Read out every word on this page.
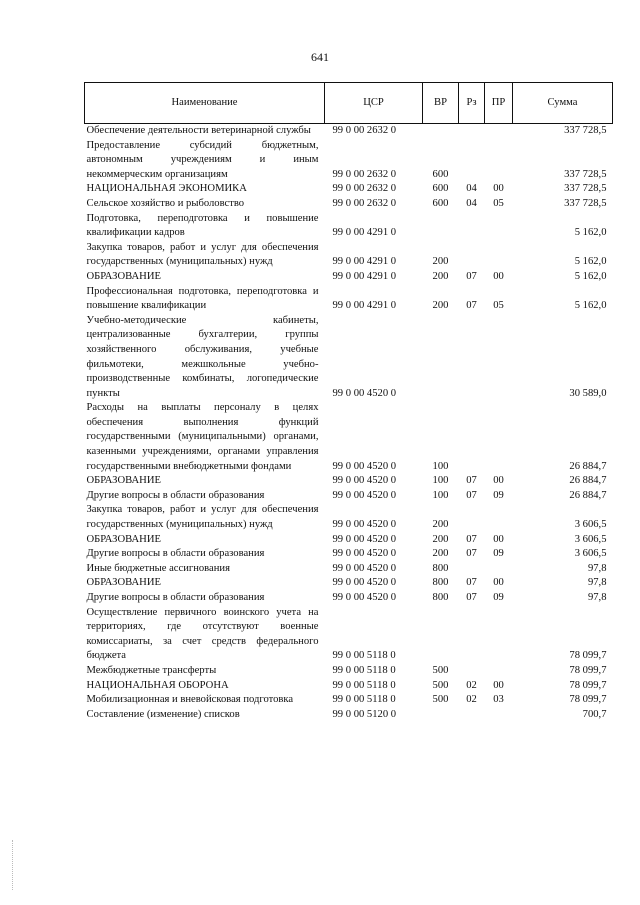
641
Наименование	ЦСР	ВР	Рз	ПР	Сумма
Обеспечение деятельности ветеринарной службы	99 0 00 2632 0				337 728,5
Предоставление субсидий бюджетным, автономным учреждениям и иным некоммерческим организациям	99 0 00 2632 0	600			337 728,5
НАЦИОНАЛЬНАЯ ЭКОНОМИКА	99 0 00 2632 0	600	04	00	337 728,5
Сельское хозяйство и рыболовство	99 0 00 2632 0	600	04	05	337 728,5
Подготовка, переподготовка и повышение квалификации кадров	99 0 00 4291 0				5 162,0
Закупка товаров, работ и услуг для обеспечения государственных (муниципальных) нужд	99 0 00 4291 0	200			5 162,0
ОБРАЗОВАНИЕ	99 0 00 4291 0	200	07	00	5 162,0
Профессиональная подготовка, переподготовка и повышение квалификации	99 0 00 4291 0	200	07	05	5 162,0
Учебно-методические кабинеты, централизованные бухгалтерии, группы хозяйственного обслуживания, учебные фильмотеки, межшкольные учебно-производственные комбинаты, логопедические пункты	99 0 00 4520 0				30 589,0
Расходы на выплаты персоналу в целях обеспечения выполнения функций государственными (муниципальными) органами, казенными учреждениями, органами управления государственными внебюджетными фондами	99 0 00 4520 0	100			26 884,7
ОБРАЗОВАНИЕ	99 0 00 4520 0	100	07	00	26 884,7
Другие вопросы в области образования	99 0 00 4520 0	100	07	09	26 884,7
Закупка товаров, работ и услуг для обеспечения государственных (муниципальных) нужд	99 0 00 4520 0	200			3 606,5
ОБРАЗОВАНИЕ	99 0 00 4520 0	200	07	00	3 606,5
Другие вопросы в области образования	99 0 00 4520 0	200	07	09	3 606,5
Иные бюджетные ассигнования	99 0 00 4520 0	800			97,8
ОБРАЗОВАНИЕ	99 0 00 4520 0	800	07	00	97,8
Другие вопросы в области образования	99 0 00 4520 0	800	07	09	97,8
Осуществление первичного воинского учета на территориях, где отсутствуют военные комиссариаты, за счет средств федерального бюджета	99 0 00 5118 0				78 099,7
Межбюджетные трансферты	99 0 00 5118 0	500			78 099,7
НАЦИОНАЛЬНАЯ ОБОРОНА	99 0 00 5118 0	500	02	00	78 099,7
Мобилизационная и вневойсковая подготовка	99 0 00 5118 0	500	02	03	78 099,7
Составление (изменение) списков	99 0 00 5120 0				700,7
